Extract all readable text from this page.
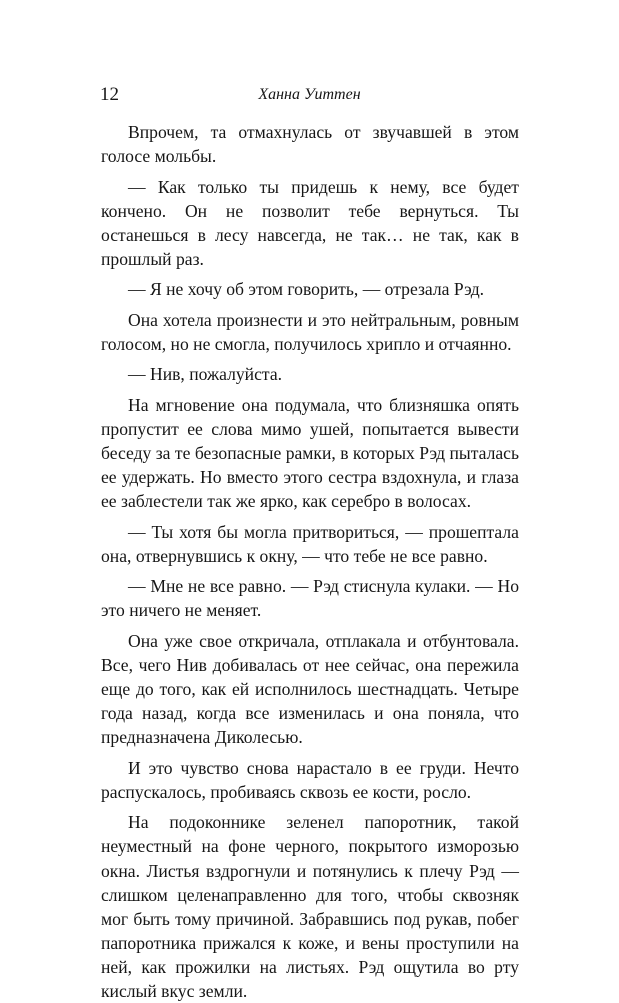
12	Ханна Уиттен

Впрочем, та отмахнулась от звучавшей в этом голосе мольбы.

— Как только ты придешь к нему, все будет кончено. Он не позволит тебе вернуться. Ты останешься в лесу навсегда, не так… не так, как в прошлый раз.

— Я не хочу об этом говорить, — отрезала Рэд.

Она хотела произнести и это нейтральным, ровным голосом, но не смогла, получилось хрипло и отчаянно.

— Нив, пожалуйста.

На мгновение она подумала, что близняшка опять пропустит ее слова мимо ушей, попытается вывести беседу за те безопасные рамки, в которых Рэд пыталась ее удержать. Но вместо этого сестра вздохнула, и глаза ее заблестели так же ярко, как серебро в волосах.

— Ты хотя бы могла притвориться, — прошептала она, отвернувшись к окну, — что тебе не все равно.

— Мне не все равно. — Рэд стиснула кулаки. — Но это ничего не меняет.

Она уже свое откричала, отплакала и отбунтовала. Все, чего Нив добивалась от нее сейчас, она пережила еще до того, как ей исполнилось шестнадцать. Четыре года назад, когда все изменилась и она поняла, что предназначена Диколесью.

И это чувство снова нарастало в ее груди. Нечто распускалось, пробиваясь сквозь ее кости, росло.

На подоконнике зеленел папоротник, такой неуместный на фоне черного, покрытого изморозью окна. Листья вздрогнули и потянулись к плечу Рэд — слишком целенаправленно для того, чтобы сквозняк мог быть тому причиной. Забравшись под рукав, побег папоротника прижался к коже, и вены проступили на ней, как прожилки на листьях. Рэд ощутила во рту кислый вкус земли.
